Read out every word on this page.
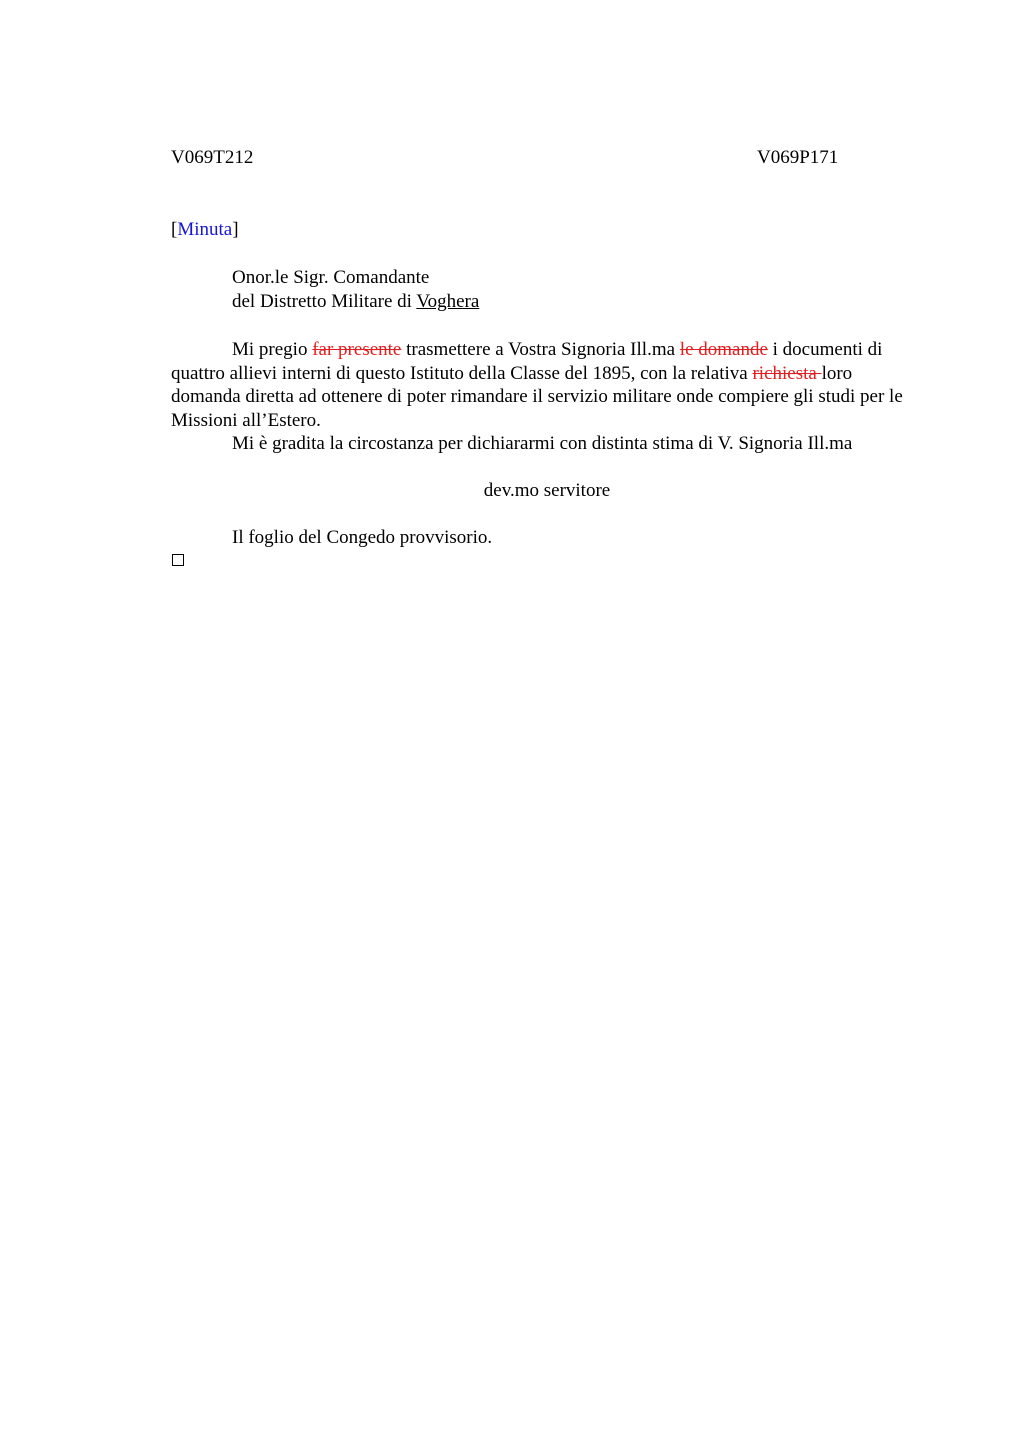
V069T212	V069P171
[Minuta]
Onor.le Sigr. Comandante
del Distretto Militare di Voghera

Mi pregio far presente trasmettere a Vostra Signoria Ill.ma le domande i documenti di quattro allievi interni di questo Istituto della Classe del 1895, con la relativa richiesta loro domanda diretta ad ottenere di poter rimandare il servizio militare onde compiere gli studi per le Missioni all’Estero.

Mi è gradita la circostanza per dichiararmi con distinta stima di V. Signoria Ill.ma

dev.mo servitore
Il foglio del Congedo provvisorio.
